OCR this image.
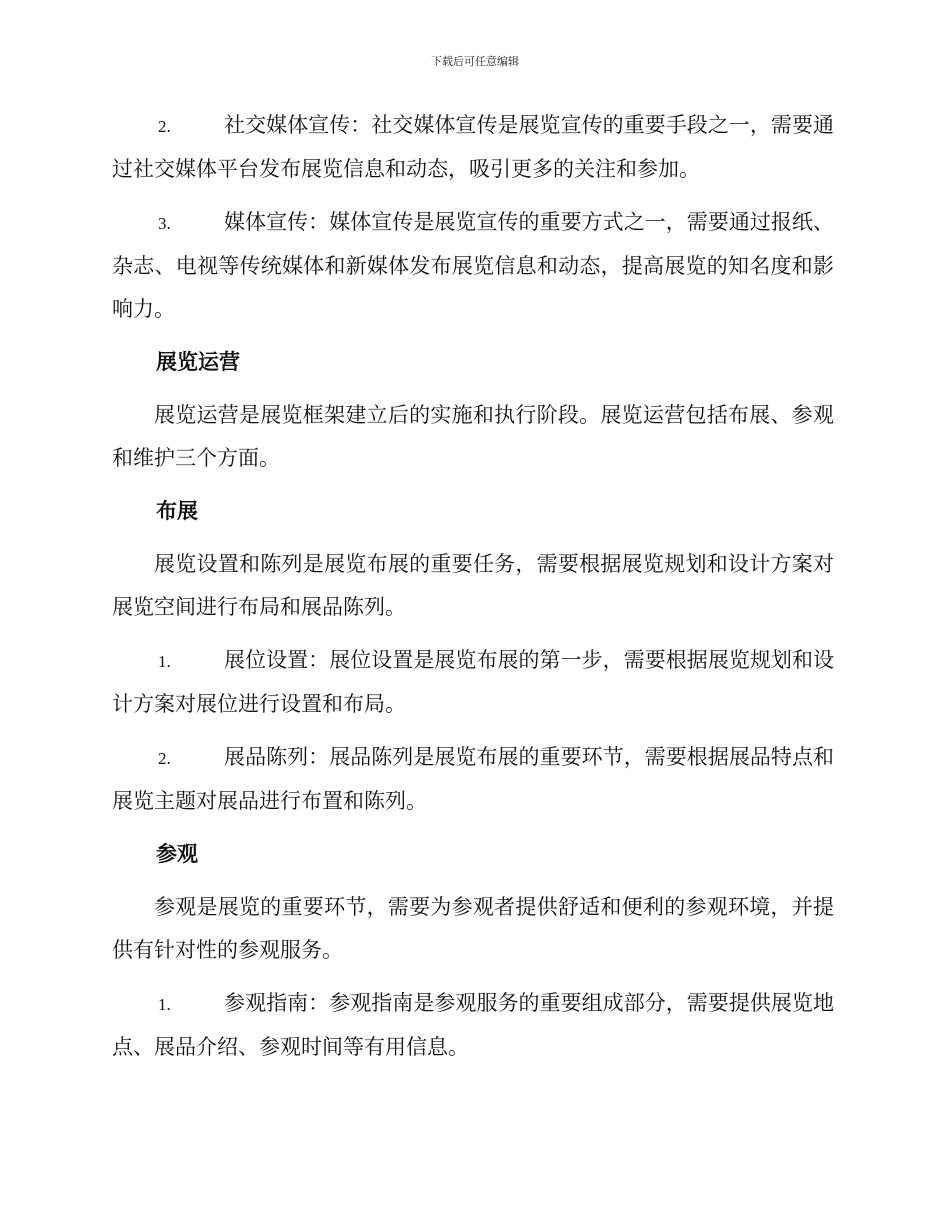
下载后可任意编辑

2.	社交媒体宣传：社交媒体宣传是展览宣传的重要手段之一，需要通过社交媒体平台发布展览信息和动态，吸引更多的关注和参加。

3.	媒体宣传：媒体宣传是展览宣传的重要方式之一，需要通过报纸、杂志、电视等传统媒体和新媒体发布展览信息和动态，提高展览的知名度和影响力。

展览运营

展览运营是展览框架建立后的实施和执行阶段。展览运营包括布展、参观和维护三个方面。

布展

展览设置和陈列是展览布展的重要任务，需要根据展览规划和设计方案对展览空间进行布局和展品陈列。

1.	展位设置：展位设置是展览布展的第一步，需要根据展览规划和设计方案对展位进行设置和布局。

2.	展品陈列：展品陈列是展览布展的重要环节，需要根据展品特点和展览主题对展品进行布置和陈列。

参观

参观是展览的重要环节，需要为参观者提供舒适和便利的参观环境，并提供有针对性的参观服务。

1.	参观指南：参观指南是参观服务的重要组成部分，需要提供展览地点、展品介绍、参观时间等有用信息。
